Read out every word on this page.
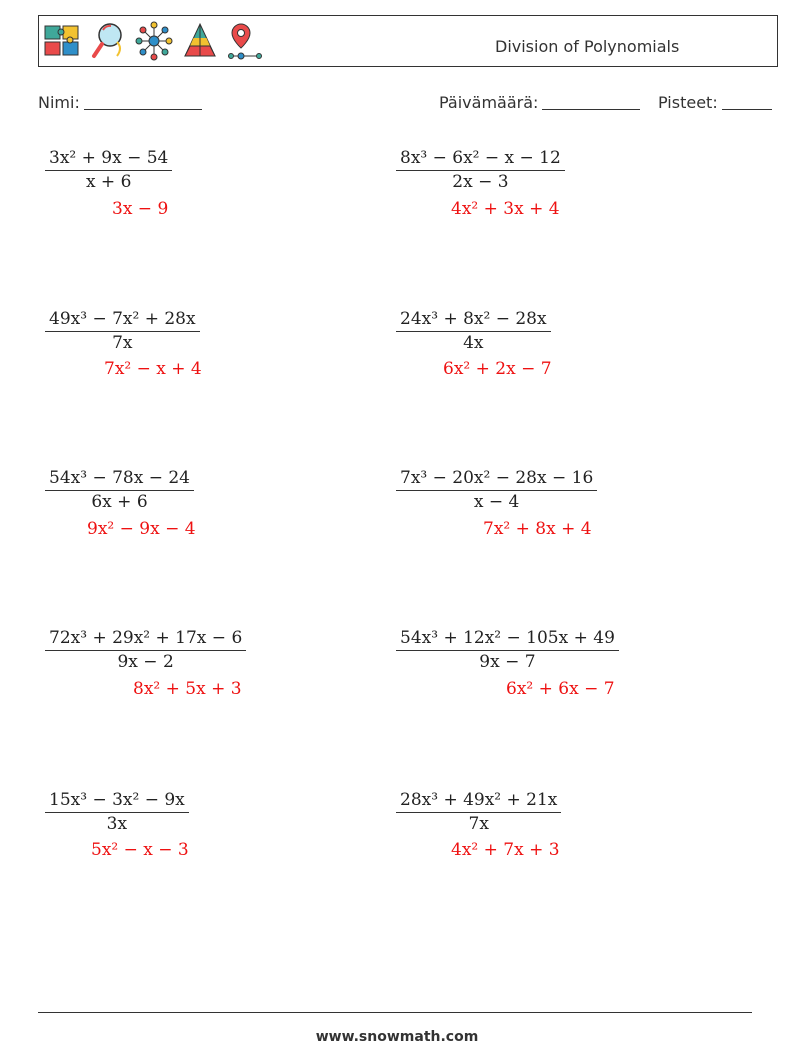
Division of Polynomials
Nimi:	Päivämäärä:	Pisteet:
$\frac{\text{3x² + 9x − 54}}{x + 6}$
3x − 9
$\frac{\text{8x³ − 6x² − x − 12}}{2x - 3}$
4x² + 3x + 4
$\frac{\text{49x³ − 7x² + 28x}}{7x}$
7x² − x + 4
$\frac{\text{24x³ + 8x² − 28x}}{4x}$
6x² + 2x − 7
$\frac{\text{54x³ − 78x − 24}}{6x + 6}$
9x² − 9x − 4
$\frac{\text{7x³ − 20x² − 28x − 16}}{x - 4}$
7x² + 8x + 4
$\frac{\text{72x³ + 29x² + 17x − 6}}{9x - 2}$
8x² + 5x + 3
$\frac{\text{54x³ + 12x² − 105x + 49}}{9x - 7}$
6x² + 6x − 7
$\frac{\text{15x³ − 3x² − 9x}}{3x}$
5x² − x − 3
$\frac{\text{28x³ + 49x² + 21x}}{7x}$
4x² + 7x + 3
www.snowmath.com
